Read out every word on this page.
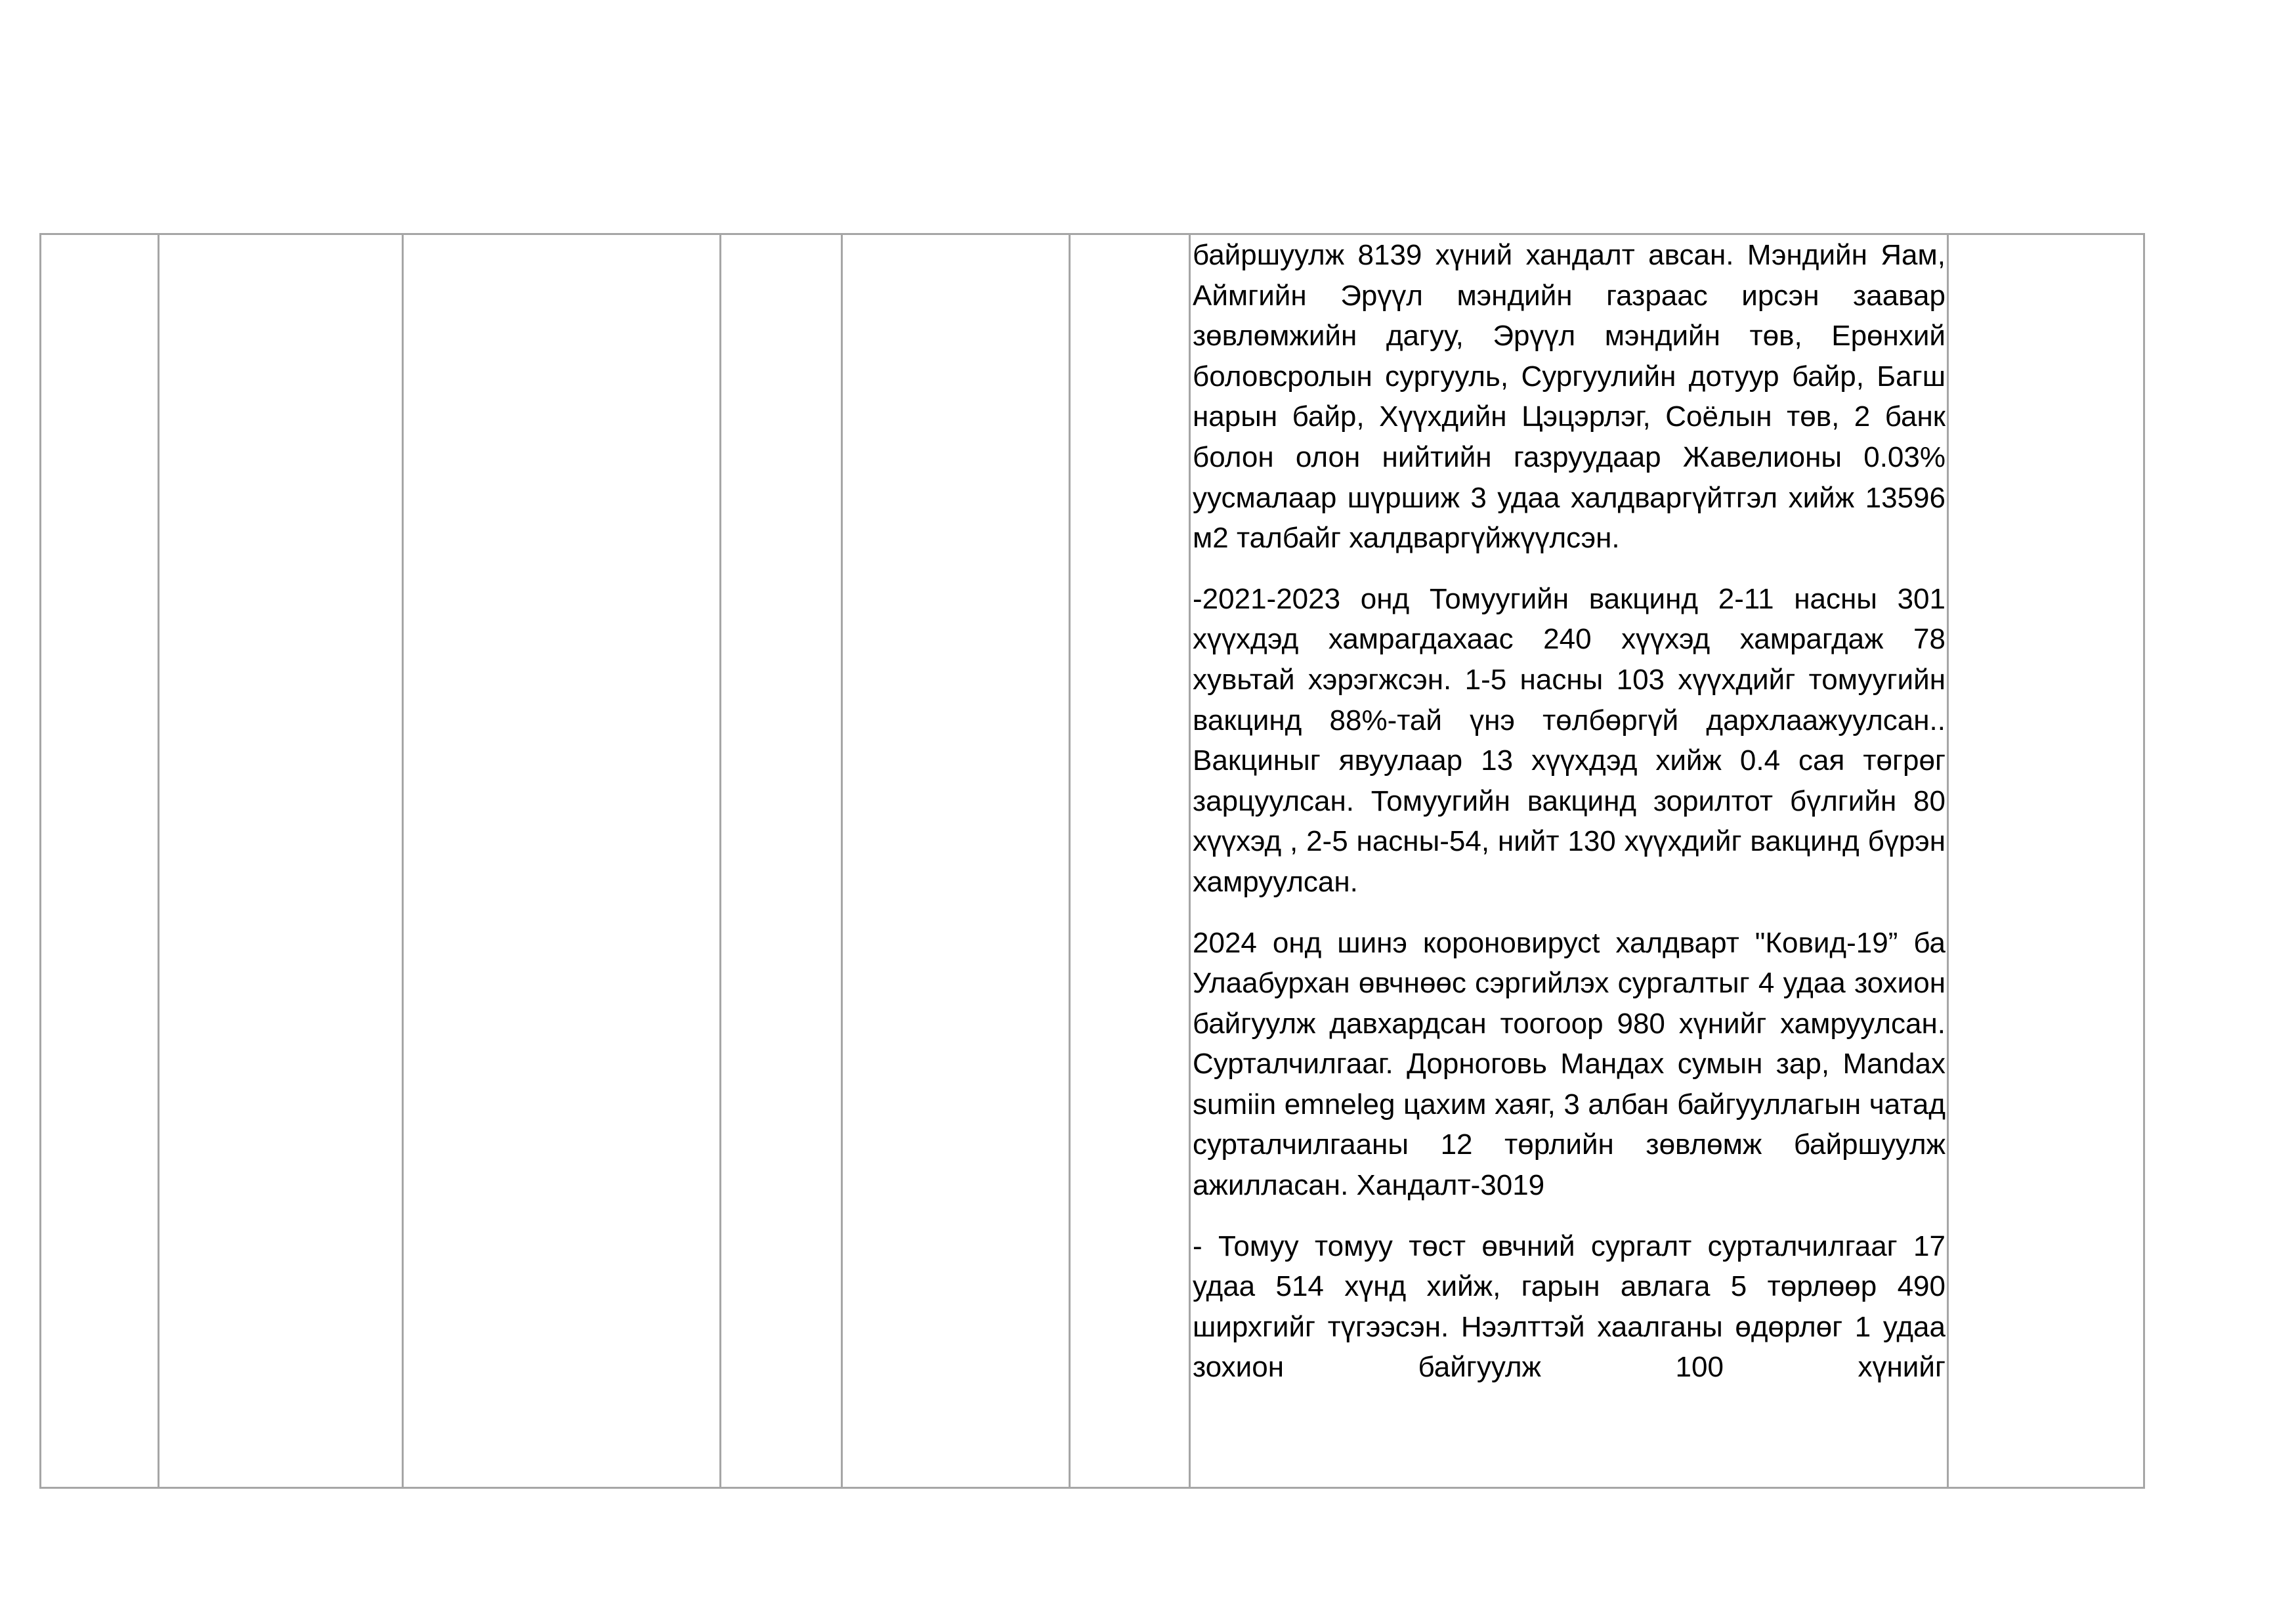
байршуулж 8139 хүний хандалт авсан. Мэндийн Яам, Аймгийн Эрүүл мэндийн газраас ирсэн заавар зөвлөмжийн дагуу, Эрүүл мэндийн төв, Ерөнхий боловсролын сургууль, Сургуулийн дотуур байр, Багш нарын байр, Хүүхдийн Цэцэрлэг, Соёлын төв, 2 банк болон олон нийтийн газруудаар Жавелионы 0.03% уусмалаар шүршиж 3 удаа халдваргүйтгэл хийж 13596 м2 талбайг халдваргүйжүүлсэн.

-2021-2023 онд Томуугийн вакцинд 2-11 насны 301 хүүхдэд хамрагдахаас 240 хүүхэд хамрагдаж 78 хувьтай хэрэгжсэн. 1-5 насны 103 хүүхдийг томуугийн вакцинд 88%-тай үнэ төлбөргүй дархлаажуулсан.. Вакциныг явуулаар 13 хүүхдэд хийж 0.4 сая төгрөг зарцуулсан. Томуугийн вакцинд зорилтот бүлгийн 80 хүүхэд , 2-5 насны-54, нийт 130 хүүхдийг вакцинд бүрэн хамруулсан.

2024 онд шинэ короновирусt халдварт "Ковид-19” ба Улаабурхан өвчнөөс сэргийлэх сургалтыг 4 удаа зохион байгуулж давхардсан тоогоор 980 хүнийг хамруулсан. Сурталчилгааг. Дорноговь Мандах сумын зар, Mandax sumiin emneleg цахим хаяг, 3 албан байгууллагын чатад сурталчилгааны 12 төрлийн зөвлөмж байршуулж ажилласан. Хандалт-3019

- Томуу томуу төст өвчний сургалт сурталчилгааг 17 удаа 514 хүнд хийж, гарын авлага 5 төрлөөр 490 ширхгийг түгээсэн. Нээлттэй хаалганы өдөрлөг 1 удаа зохион байгуулж 100 хүнийг
